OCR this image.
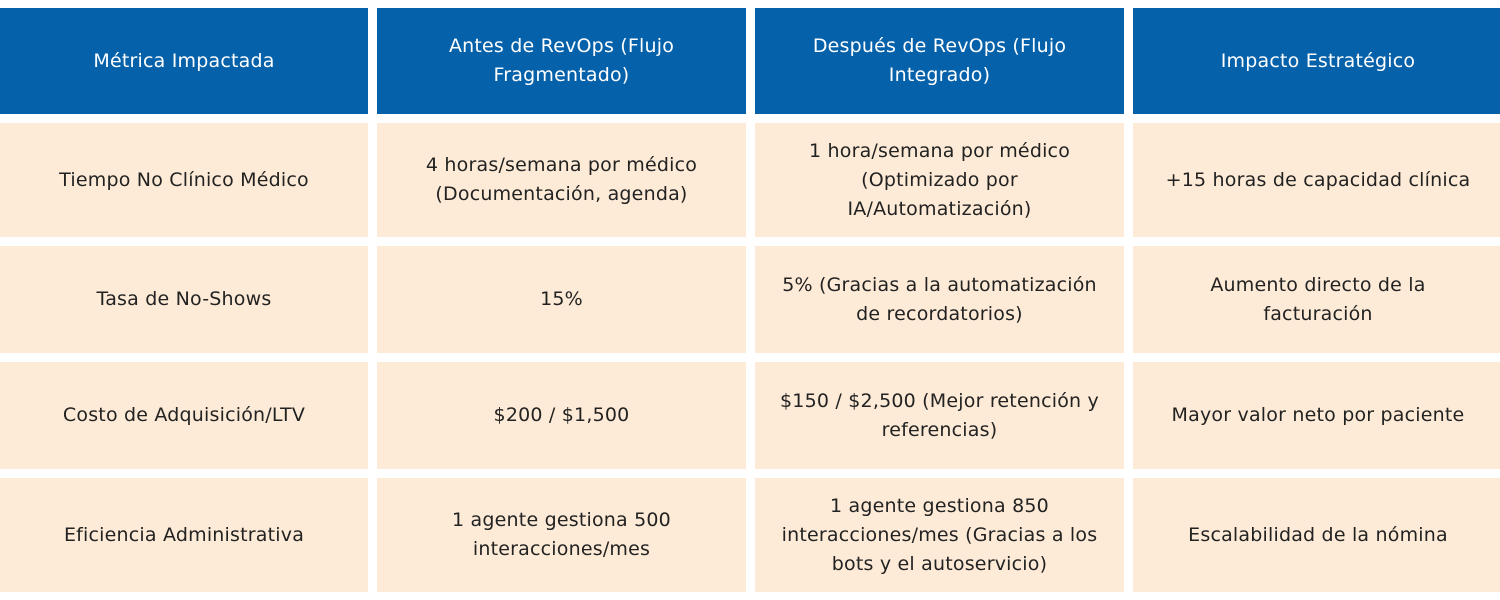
Métrica Impactada
Antes de RevOps (Flujo
Fragmentado)
Después de RevOps (Flujo
Integrado)
Impacto Estratégico
Tiempo No Clínico Médico
4 horas/semana por médico
(Documentación, agenda)
1 hora/semana por médico
(Optimizado por
IA/Automatización)
+15 horas de capacidad clínica
Tasa de No-Shows	15%
5% (Gracias a la automatización
de recordatorios)
Aumento directo de la
facturación
Costo de Adquisición/LTV	$200 / $1,500
$150 / $2,500 (Mejor retención y
referencias)
Mayor valor neto por paciente
Eficiencia Administrativa
1 agente gestiona 500
interacciones/mes
1 agente gestiona 850
interacciones/mes (Gracias a los
bots y el autoservicio)
Escalabilidad de la nómina
